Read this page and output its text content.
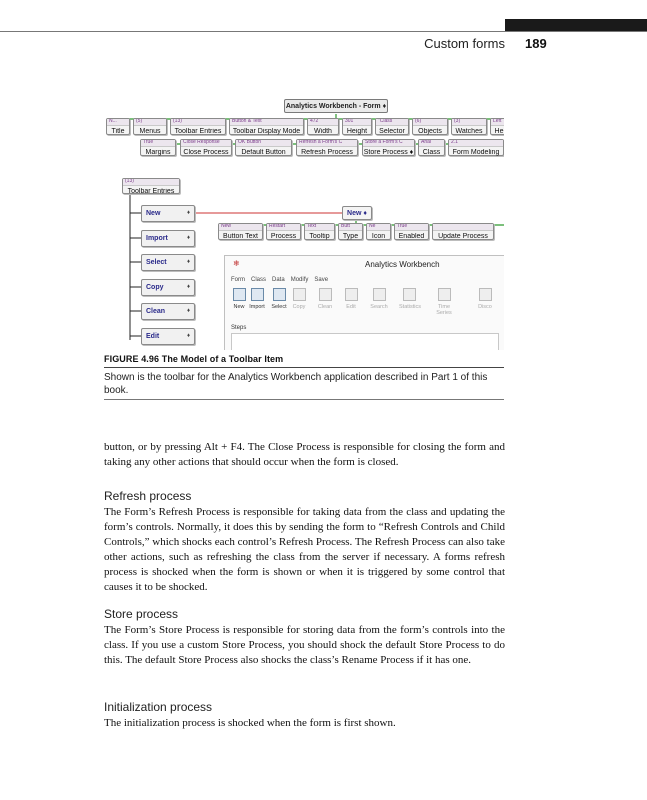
Custom forms 189
Analytics Workbench - Form ♦
(13)
Toolbar Entries
New	♦
Import	♦
Select	♦
Copy	♦
Clean	♦
Edit	♦
New ♦
❄	Analytics Workbench
Form Class Data Modify Save
New Import	Select	Copy	Clean	Edit	Search Statistics	Time Series
Disco
Steps
N...
Title
(5)
Menus
(13)
Toolbar Entries
Button & Text
Toolbar Display Mode
472
Width
301
Height
"Class
Selector
(6)
Objects
(3)
Watches
Left
He
True
Margins
Close Response
Close Process
OK Button
Default Button
Refresh a Form's C
Refresh Process
Store a Form's C
Store Process ♦
Arial
Class
2.1
Form Modeling
New
Button Text
Restart
Process
Text
Tooltip
Butt
Type
Ne
Icon
True
Enabled	Update Process
FIGURE 4.96 The Model of a Toolbar Item
Shown is the toolbar for the Analytics Workbench application described in Part 1 of this book.
button, or by pressing Alt + F4. The Close Process is responsible for closing the form and taking any other actions that should occur when the form is closed.
Refresh process
The Form’s Refresh Process is responsible for taking data from the class and updating the form’s controls. Normally, it does this by sending the form to “Refresh Controls and Child Controls,” which shocks each control’s Refresh Process. The Refresh Process can also take other actions, such as refreshing the class from the server if necessary. A forms refresh process is shocked when the form is shown or when it is triggered by some control that causes it to be shocked.
Store process
The Form’s Store Process is responsible for storing data from the form’s controls into the class. If you use a custom Store Process, you should shock the default Store Process to do this. The default Store Process also shocks the class’s Rename Process if it has one.
Initialization process
The initialization process is shocked when the form is first shown.
